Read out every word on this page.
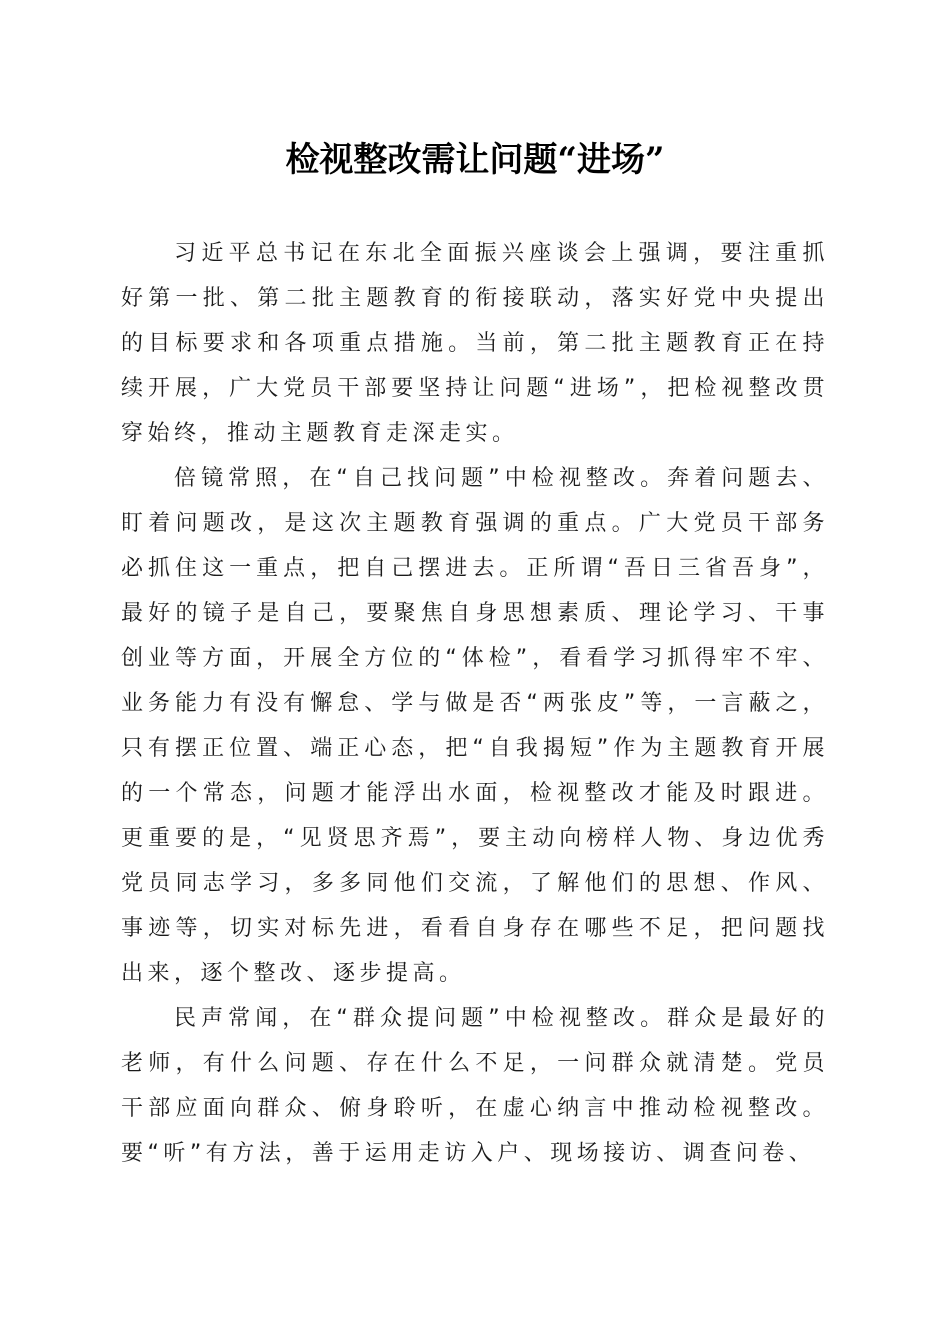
检视整改需让问题“进场”

习近平总书记在东北全面振兴座谈会上强调，要注重抓好第一批、第二批主题教育的衔接联动，落实好党中央提出的目标要求和各项重点措施。当前，第二批主题教育正在持续开展，广大党员干部要坚持让问题“进场”，把检视整改贯穿始终，推动主题教育走深走实。

倍镜常照，在“自己找问题”中检视整改。奔着问题去、盯着问题改，是这次主题教育强调的重点。广大党员干部务必抓住这一重点，把自己摆进去。正所谓“吾日三省吾身”，最好的镜子是自己，要聚焦自身思想素质、理论学习、干事创业等方面，开展全方位的“体检”，看看学习抓得牢不牢、业务能力有没有懈怠、学与做是否“两张皮”等，一言蔽之，只有摆正位置、端正心态，把“自我揭短”作为主题教育开展的一个常态，问题才能浮出水面，检视整改才能及时跟进。更重要的是，“见贤思齐焉”，要主动向榜样人物、身边优秀党员同志学习，多多同他们交流，了解他们的思想、作风、事迹等，切实对标先进，看看自身存在哪些不足，把问题找出来，逐个整改、逐步提高。

民声常闻，在“群众提问题”中检视整改。群众是最好的老师，有什么问题、存在什么不足，一问群众就清楚。党员干部应面向群众、俯身聆听，在虚心纳言中推动检视整改。要“听”有方法，善于运用走访入户、现场接访、调查问卷、
